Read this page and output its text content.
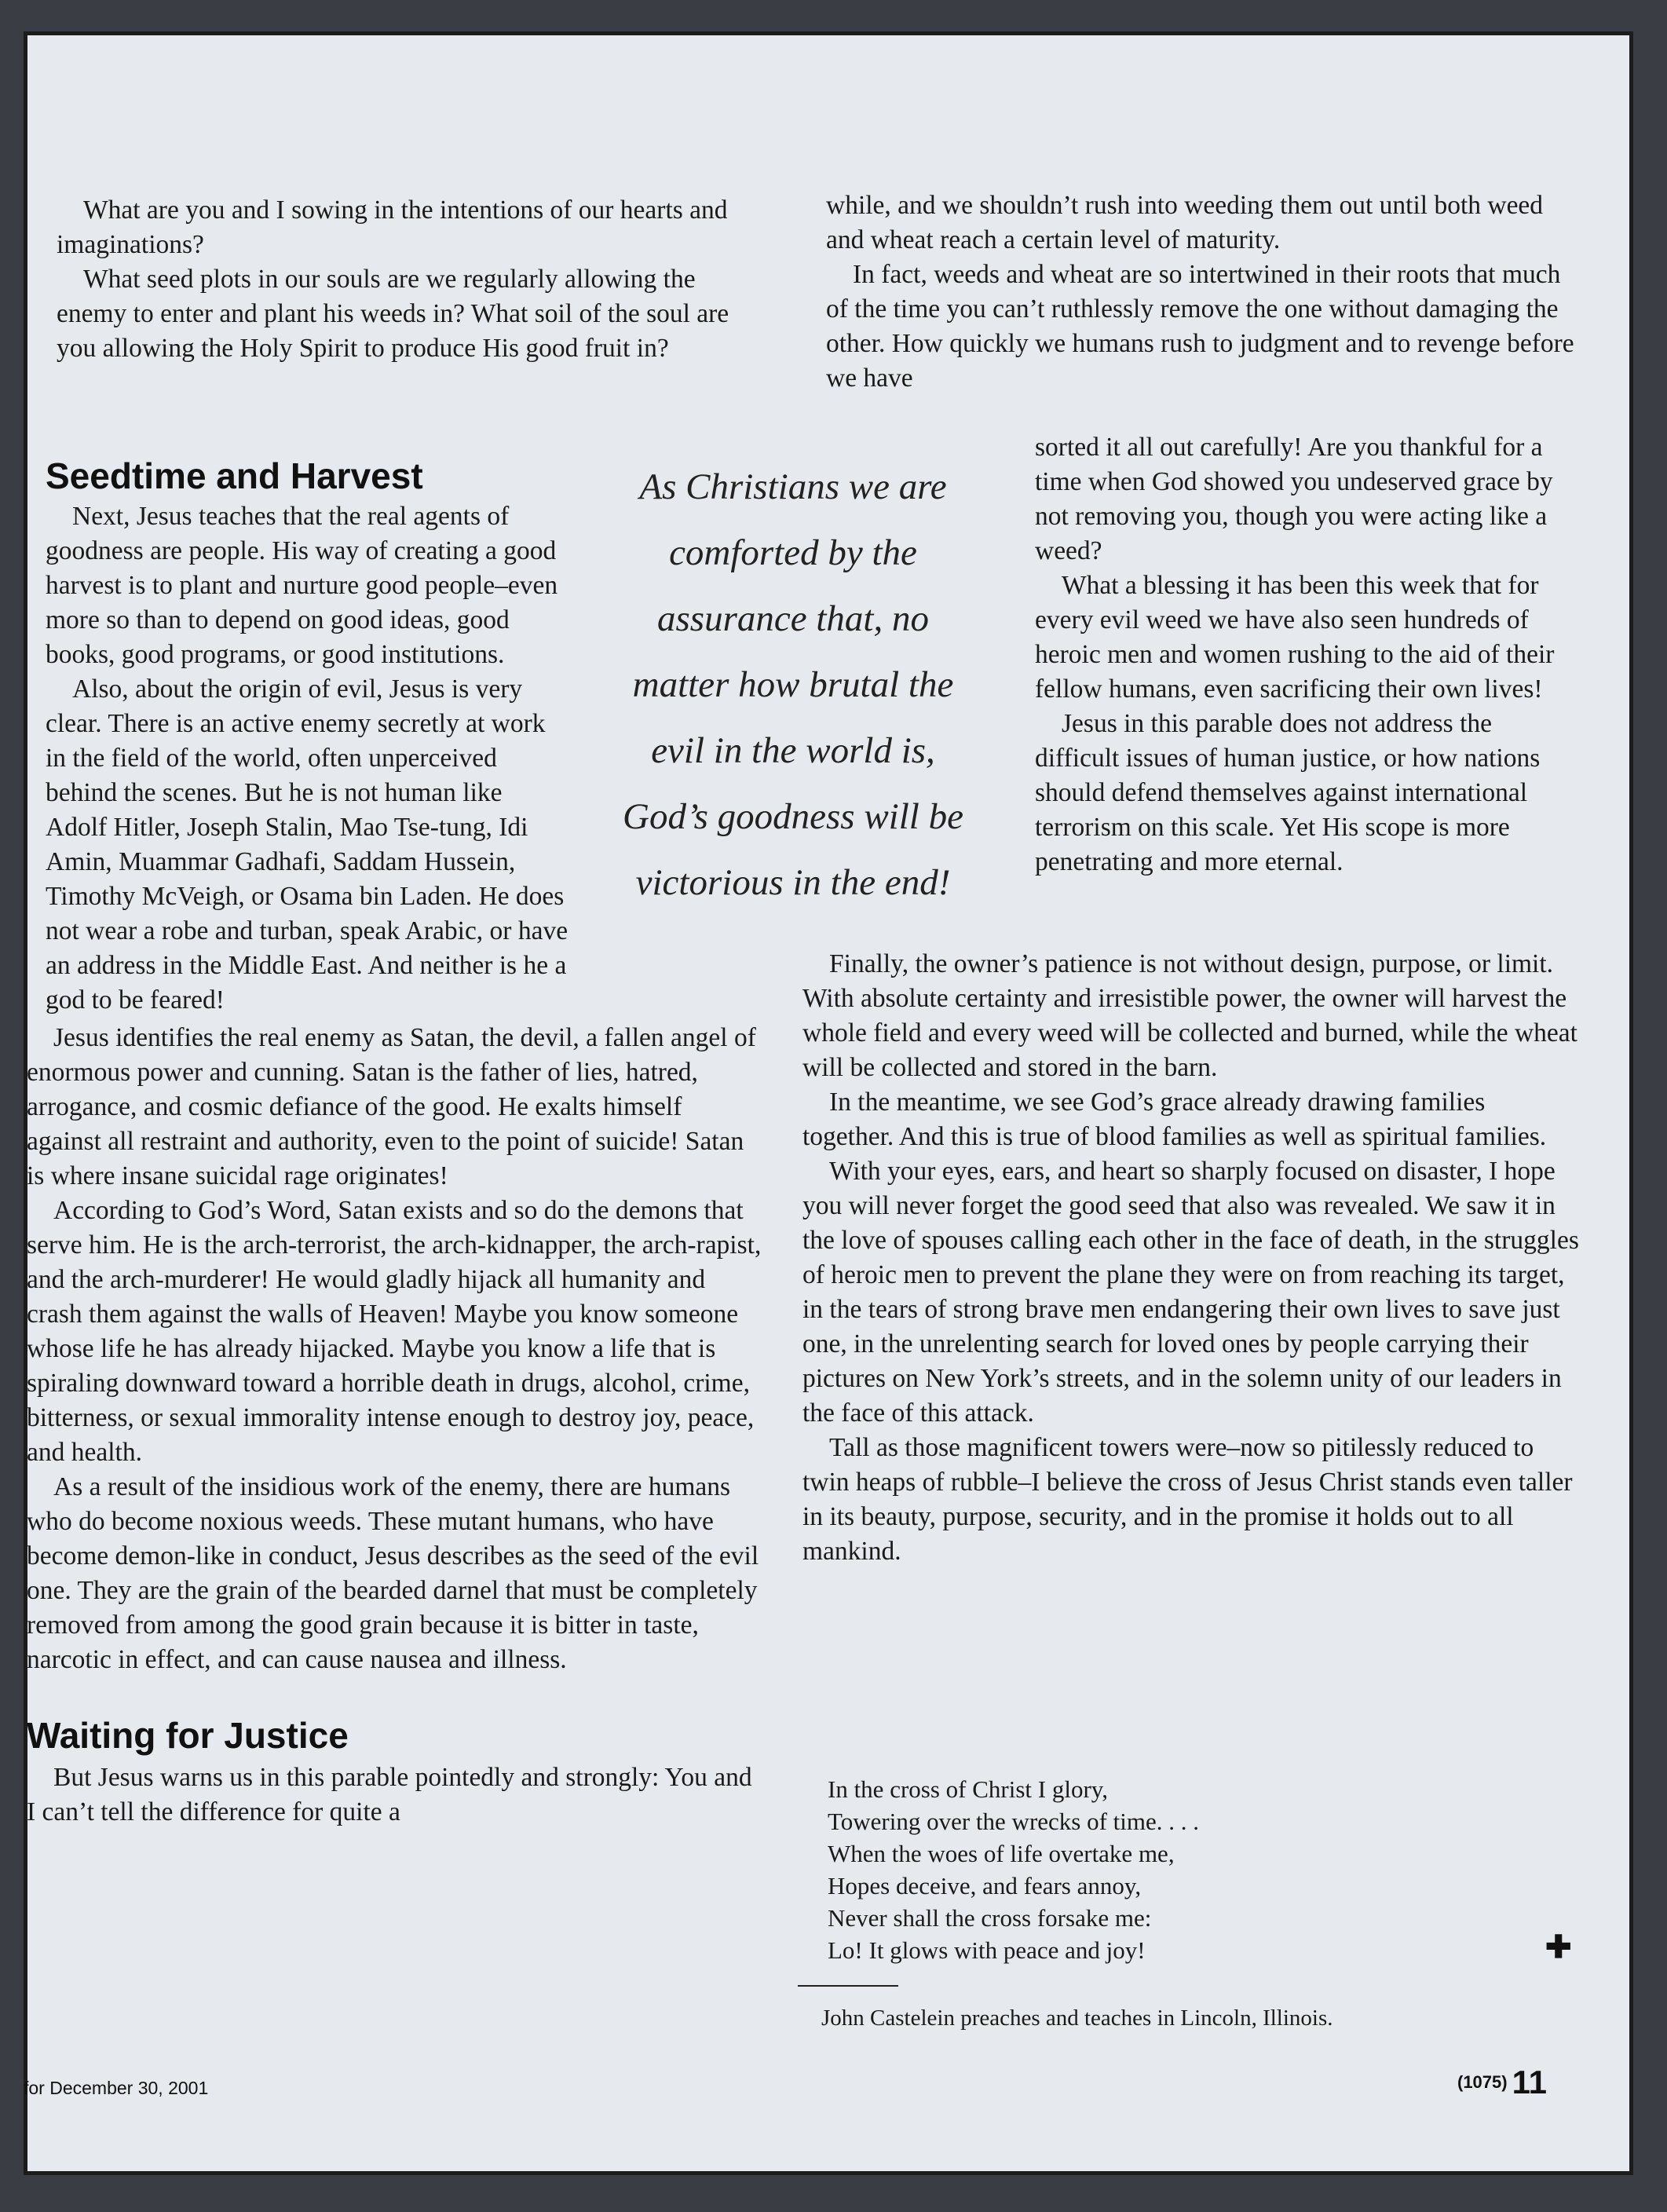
What are you and I sowing in the intentions of our hearts and imaginations?

What seed plots in our souls are we regularly allowing the enemy to enter and plant his weeds in? What soil of the soul are you allowing the Holy Spirit to produce His good fruit in?

Seedtime and Harvest

Next, Jesus teaches that the real agents of goodness are people. His way of creating a good harvest is to plant and nurture good people–even more so than to depend on good ideas, good books, good programs, or good institutions.

Also, about the origin of evil, Jesus is very clear. There is an active enemy secretly at work in the field of the world, often unperceived behind the scenes. But he is not human like Adolf Hitler, Joseph Stalin, Mao Tse-tung, Idi Amin, Muammar Gadhafi, Saddam Hussein, Timothy McVeigh, or Osama bin Laden. He does not wear a robe and turban, speak Arabic, or have an address in the Middle East. And neither is he a god to be feared!

Jesus identifies the real enemy as Satan, the devil, a fallen angel of enormous power and cunning. Satan is the father of lies, hatred, arrogance, and cosmic defiance of the good. He exalts himself against all restraint and authority, even to the point of suicide! Satan is where insane suicidal rage originates!

According to God’s Word, Satan exists and so do the demons that serve him. He is the arch-terrorist, the arch-kidnapper, the arch-rapist, and the arch-murderer! He would gladly hijack all humanity and crash them against the walls of Heaven! Maybe you know someone whose life he has already hijacked. Maybe you know a life that is spiraling downward toward a horrible death in drugs, alcohol, crime, bitterness, or sexual immorality intense enough to destroy joy, peace, and health.

As a result of the insidious work of the enemy, there are humans who do become noxious weeds. These mutant humans, who have become demon-like in conduct, Jesus describes as the seed of the evil one. They are the grain of the bearded darnel that must be completely removed from among the good grain because it is bitter in taste, narcotic in effect, and can cause nausea and illness.

Waiting for Justice

But Jesus warns us in this parable pointedly and strongly: You and I can’t tell the difference for quite a

As Christians we are
comforted by the
assurance that, no
matter how brutal the
evil in the world is,
God’s goodness will be
victorious in the end!

while, and we shouldn’t rush into weeding them out until both weed and wheat reach a certain level of maturity.

In fact, weeds and wheat are so intertwined in their roots that much of the time you can’t ruthlessly remove the one without damaging the other. How quickly we humans rush to judgment and to revenge before we have

sorted it all out carefully! Are you thankful for a time when God showed you undeserved grace by not removing you, though you were acting like a weed?

What a blessing it has been this week that for every evil weed we have also seen hundreds of heroic men and women rushing to the aid of their fellow humans, even sacrificing their own lives!

Jesus in this parable does not address the difficult issues of human justice, or how nations should defend themselves against international terrorism on this scale. Yet His scope is more penetrating and more eternal.

Finally, the owner’s patience is not without design, purpose, or limit. With absolute certainty and irresistible power, the owner will harvest the whole field and every weed will be collected and burned, while the wheat will be collected and stored in the barn.

In the meantime, we see God’s grace already drawing families together. And this is true of blood families as well as spiritual families.

With your eyes, ears, and heart so sharply focused on disaster, I hope you will never forget the good seed that also was revealed. We saw it in the love of spouses calling each other in the face of death, in the struggles of heroic men to prevent the plane they were on from reaching its target, in the tears of strong brave men endangering their own lives to save just one, in the unrelenting search for loved ones by people carrying their pictures on New York’s streets, and in the solemn unity of our leaders in the face of this attack.

Tall as those magnificent towers were–now so pitilessly reduced to twin heaps of rubble–I believe the cross of Jesus Christ stands even taller in its beauty, purpose, security, and in the promise it holds out to all mankind.

In the cross of Christ I glory,
Towering over the wrecks of time. . . .
When the woes of life overtake me,
Hopes deceive, and fears annoy,
Never shall the cross forsake me:
Lo! It glows with peace and joy!	✚
John Castelein preaches and teaches in Lincoln, Illinois.
for December 30, 2001	(1075) 11
